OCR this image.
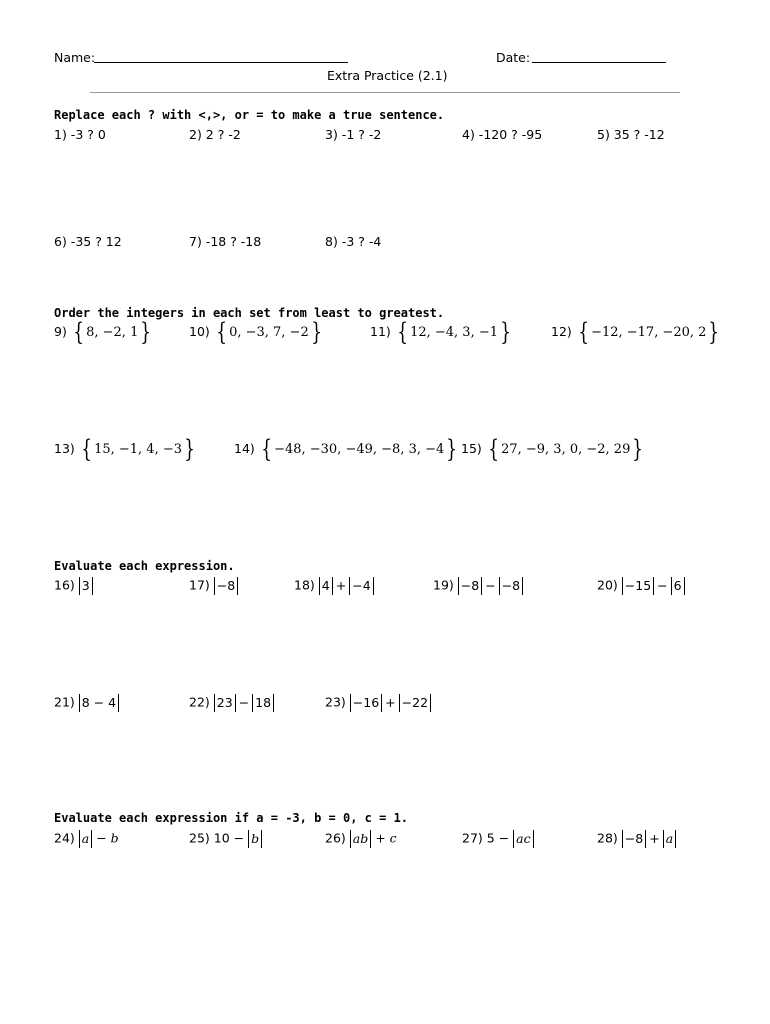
Name:	Date:
Extra Practice (2.1)
Replace each ? with <,>, or = to make a true sentence.
1) -3 ? 0	2) 2 ? -2	3) -1 ? -2	4) -120 ? -95	5) 35 ? -12
6) -35 ? 12	7) -18 ? -18	8) -3 ? -4
Order the integers in each set from least to greatest.
9) { 8, −2, 1}	10) { 0, −3, 7, −2}	11) { 12, −4, 3, −1}	12) { −12, −17, −20, 2}
13) { 15, −1, 4, −3}	14) { −48, −30, −49, −8, 3, −4} 15) { 27, −9, 3, 0, −2, 29}
Evaluate each expression.
16) 3	17) −8	18) 4 + −4	19) −8 − −8	20) −15 − 6
21) 8 − 4	22) 23 − 18	23) −16 + −22
Evaluate each expression if a = -3, b = 0, c = 1.
24) a − b	25) 10 − b	26) ab + c	27) 5 − ac	28) −8 + a
